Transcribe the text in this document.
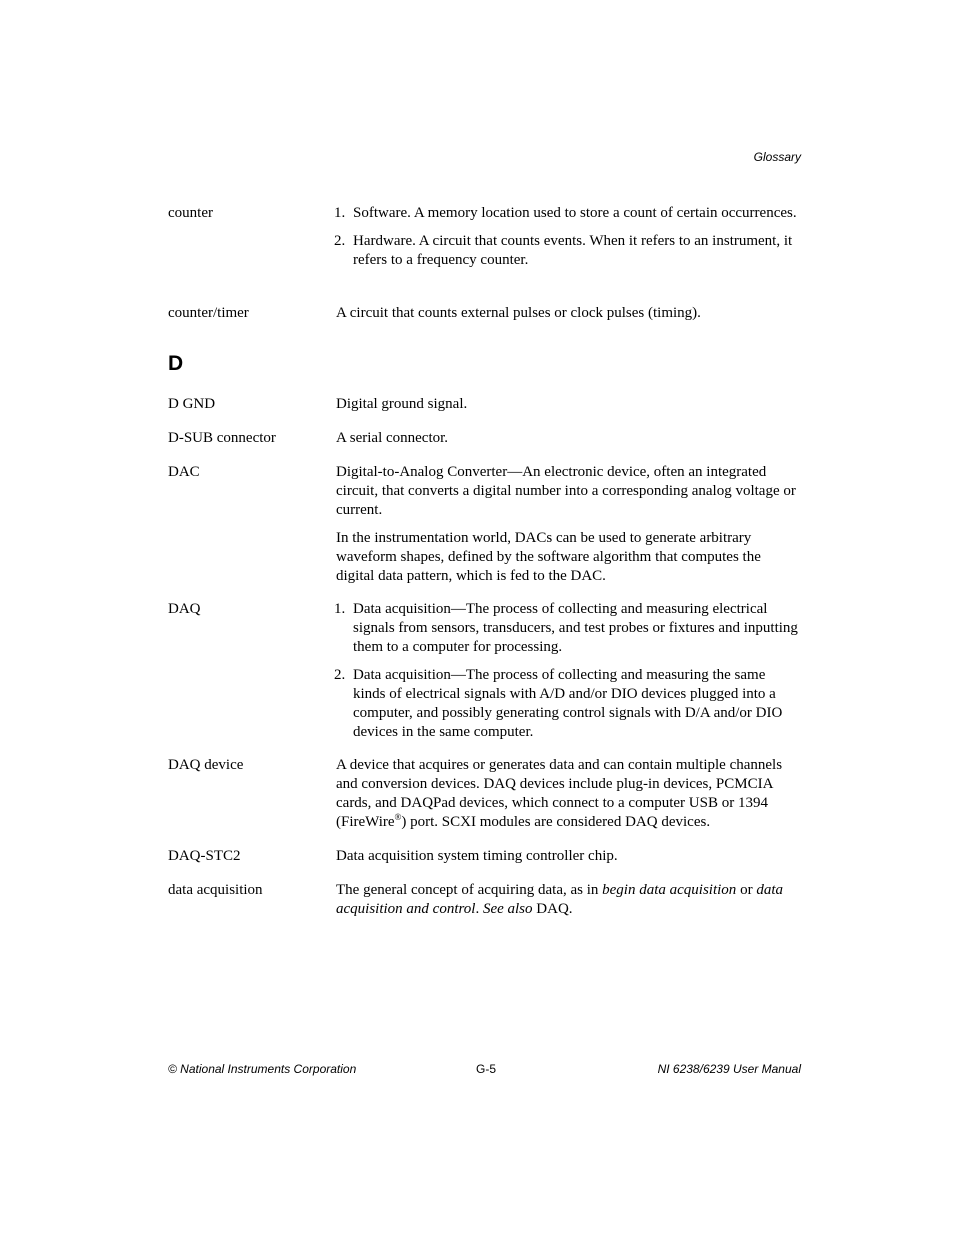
Glossary
counter	1. Software. A memory location used to store a count of certain occurrences.
2. Hardware. A circuit that counts events. When it refers to an instrument, it refers to a frequency counter.
counter/timer	A circuit that counts external pulses or clock pulses (timing).

D
D GND	Digital ground signal.

D-SUB connector	A serial connector.

DAC	Digital-to-Analog Converter—An electronic device, often an integrated circuit, that converts a digital number into a corresponding analog voltage or current.

In the instrumentation world, DACs can be used to generate arbitrary waveform shapes, defined by the software algorithm that computes the digital data pattern, which is fed to the DAC.

DAQ	1. Data acquisition—The process of collecting and measuring electrical signals from sensors, transducers, and test probes or fixtures and inputting them to a computer for processing.
2. Data acquisition—The process of collecting and measuring the same kinds of electrical signals with A/D and/or DIO devices plugged into a computer, and possibly generating control signals with D/A and/or DIO devices in the same computer.
DAQ device	A device that acquires or generates data and can contain multiple channels and conversion devices. DAQ devices include plug-in devices, PCMCIA cards, and DAQPad devices, which connect to a computer USB or 1394 (FireWire®) port. SCXI modules are considered DAQ devices.

DAQ-STC2	Data acquisition system timing controller chip.

data acquisition	The general concept of acquiring data, as in begin data acquisition or data acquisition and control. See also DAQ.

© National Instruments Corporation	G-5	NI 6238/6239 User Manual
